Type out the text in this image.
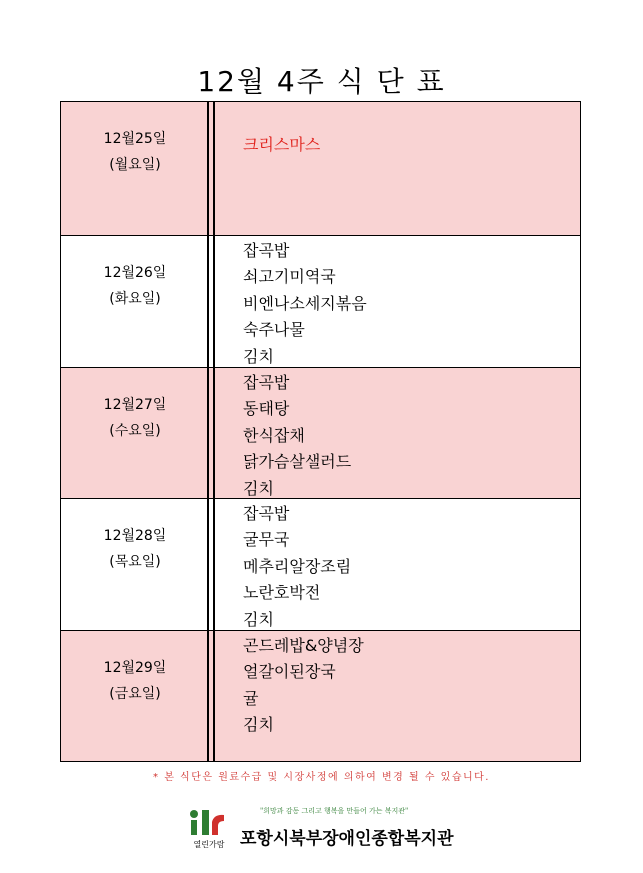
12월 4주 식 단 표
12월25일
(월요일)
크리스마스
12월26일
(화요일)
잡곡밥
쇠고기미역국
비엔나소세지볶음
숙주나물
김치
12월27일
(수요일)
잡곡밥
동태탕
한식잡채
닭가슴살샐러드
김치
12월28일
(목요일)
잡곡밥
굴무국
메추리알장조림
노란호박전
김치
12월29일
(금요일)
곤드레밥&양념장
얼갈이된장국
귤
김치
* 본 식단은 원료수급 및 시장사정에 의하여 변경 될 수 있습니다.
열린가람
"희망과 감동 그리고 행복을 만들어 가는 복지관"
포항시북부장애인종합복지관
